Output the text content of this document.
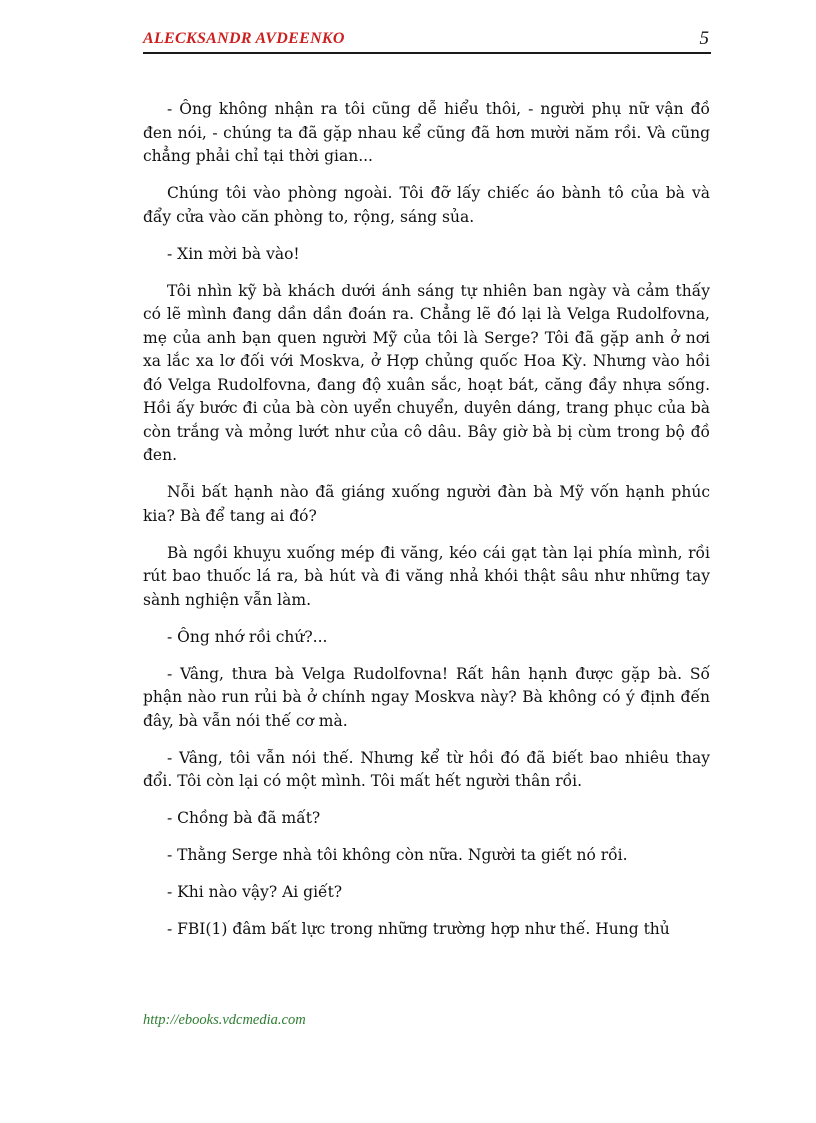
ALECKSANDR AVDEENKO	5

- Ông không nhận ra tôi cũng dễ hiểu thôi, - người phụ nữ vận đồ đen nói, - chúng ta đã gặp nhau kể cũng đã hơn mười năm rồi. Và cũng chẳng phải chỉ tại thời gian...

Chúng tôi vào phòng ngoài. Tôi đỡ lấy chiếc áo bành tô của bà và đẩy cửa vào căn phòng to, rộng, sáng sủa.

- Xin mời bà vào!

Tôi nhìn kỹ bà khách dưới ánh sáng tự nhiên ban ngày và cảm thấy có lẽ mình đang dần dần đoán ra. Chẳng lẽ đó lại là Velga Rudolfovna, mẹ của anh bạn quen người Mỹ của tôi là Serge? Tôi đã gặp anh ở nơi xa lắc xa lơ đối với Moskva, ở Hợp chủng quốc Hoa Kỳ. Nhưng vào hồi đó Velga Rudolfovna, đang độ xuân sắc, hoạt bát, căng đầy nhựa sống. Hồi ấy bước đi của bà còn uyển chuyển, duyên dáng, trang phục của bà còn trắng và mỏng lướt như của cô dâu. Bây giờ bà bị cùm trong bộ đồ đen.

Nỗi bất hạnh nào đã giáng xuống người đàn bà Mỹ vốn hạnh phúc kia? Bà để tang ai đó?

Bà ngồi khuỵu xuống mép đi văng, kéo cái gạt tàn lại phía mình, rồi rút bao thuốc lá ra, bà hút và đi văng nhả khói thật sâu như những tay sành nghiện vẫn làm.

- Ông nhớ rồi chứ?...

- Vâng, thưa bà Velga Rudolfovna! Rất hân hạnh được gặp bà. Số phận nào run rủi bà ở chính ngay Moskva này? Bà không có ý định đến đây, bà vẫn nói thế cơ mà.

- Vâng, tôi vẫn nói thế. Nhưng kể từ hồi đó đã biết bao nhiêu thay đổi. Tôi còn lại có một mình. Tôi mất hết người thân rồi.

- Chồng bà đã mất?

- Thằng Serge nhà tôi không còn nữa. Người ta giết nó rồi.

- Khi nào vậy? Ai giết?

- FBI(1) đâm bất lực trong những trường hợp như thế. Hung thủ

http://ebooks.vdcmedia.com
